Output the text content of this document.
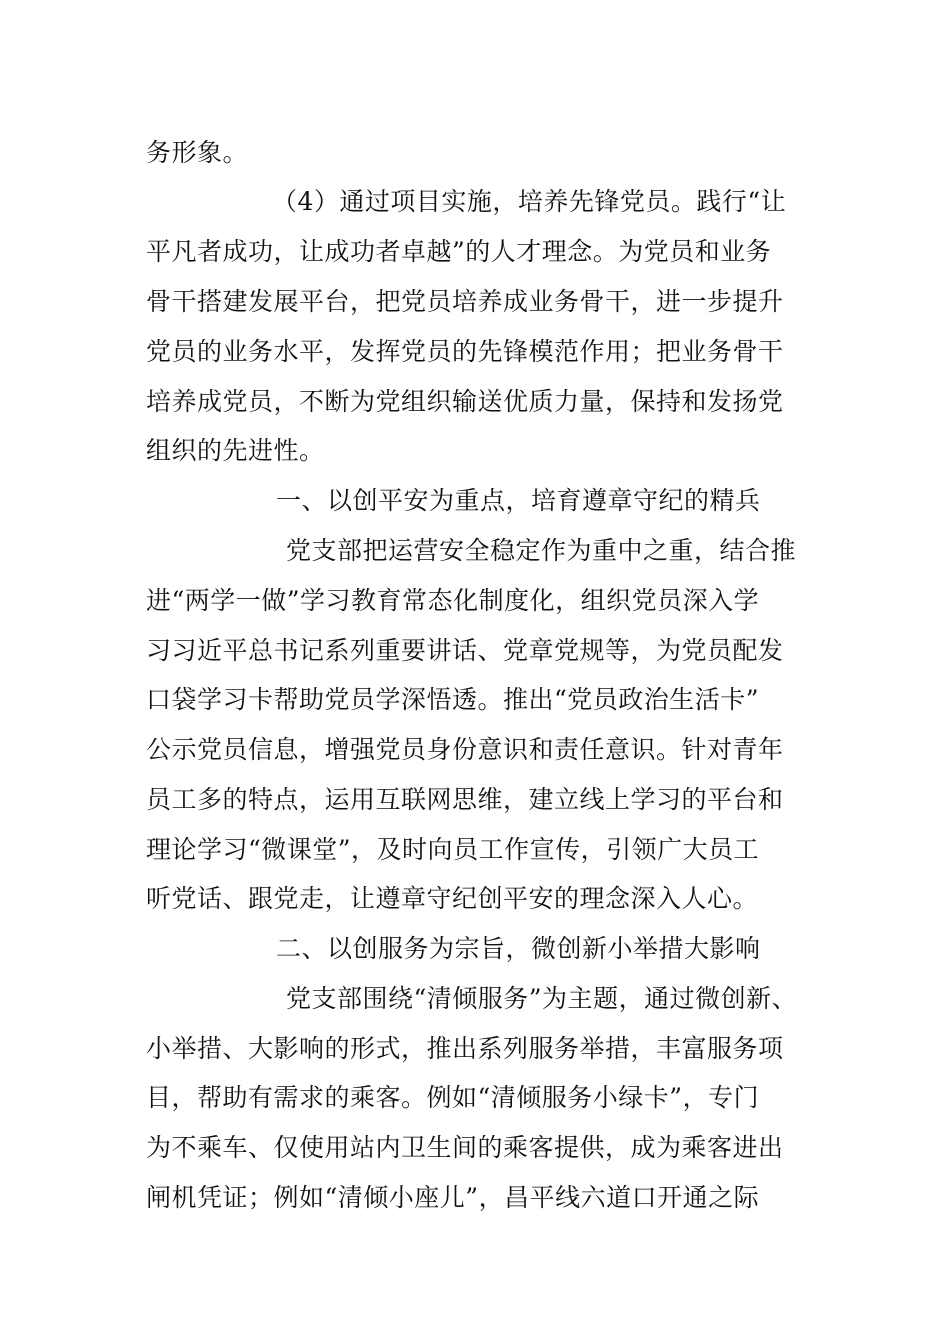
务形象。
（4）通过项目实施，培养先锋党员。践行“让
平凡者成功，让成功者卓越”的人才理念。为党员和业务
骨干搭建发展平台，把党员培养成业务骨干，进一步提升
党员的业务水平，发挥党员的先锋模范作用；把业务骨干
培养成党员，不断为党组织输送优质力量，保持和发扬党
组织的先进性。
一、以创平安为重点，培育遵章守纪的精兵
党支部把运营安全稳定作为重中之重，结合推
进“两学一做”学习教育常态化制度化，组织党员深入学
习习近平总书记系列重要讲话、党章党规等，为党员配发
口袋学习卡帮助党员学深悟透。推出“党员政治生活卡”
公示党员信息，增强党员身份意识和责任意识。针对青年
员工多的特点，运用互联网思维，建立线上学习的平台和
理论学习“微课堂”，及时向员工作宣传，引领广大员工
听党话、跟党走，让遵章守纪创平安的理念深入人心。
二、以创服务为宗旨，微创新小举措大影响
党支部围绕“清倾服务”为主题，通过微创新、
小举措、大影响的形式，推出系列服务举措，丰富服务项
目，帮助有需求的乘客。例如“清倾服务小绿卡”，专门
为不乘车、仅使用站内卫生间的乘客提供，成为乘客进出
闸机凭证；例如“清倾小座儿”，昌平线六道口开通之际
